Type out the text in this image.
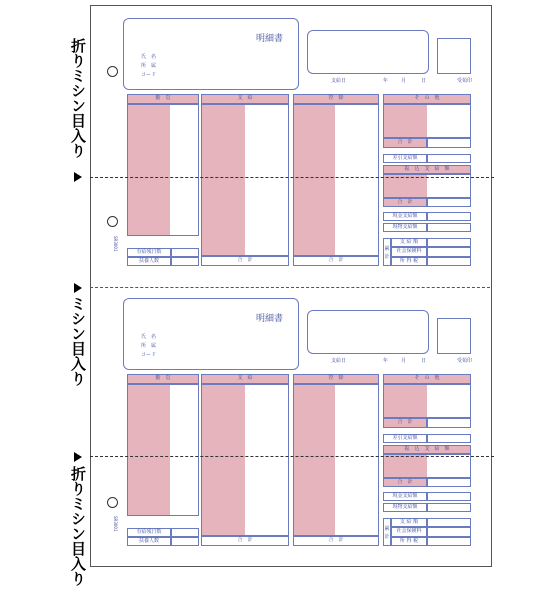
折りミシン目入り
ミシン目入り
折りミシン目入り
明細書
氏　名
所　属
コード
支給日	年	月	日	受領印
勤　怠
有給残日数
扶養人数
支　給
合　計
控　除
合　計
そ　の　他
合　計
差引支給額
振　込　支　給　額
合　計
現金支給額
現物支給額
累計
支 給 額
社会保険料
所 得 税
SR3001
明細書
氏　名
所　属
コード
支給日	年	月	日	受領印
勤　怠
有給残日数
扶養人数
支　給
合　計
控　除
合　計
そ　の　他
合　計
差引支給額
振　込　支　給　額
合　計
現金支給額
現物支給額
累計
支 給 額
社会保険料
所 得 税
SR3001
